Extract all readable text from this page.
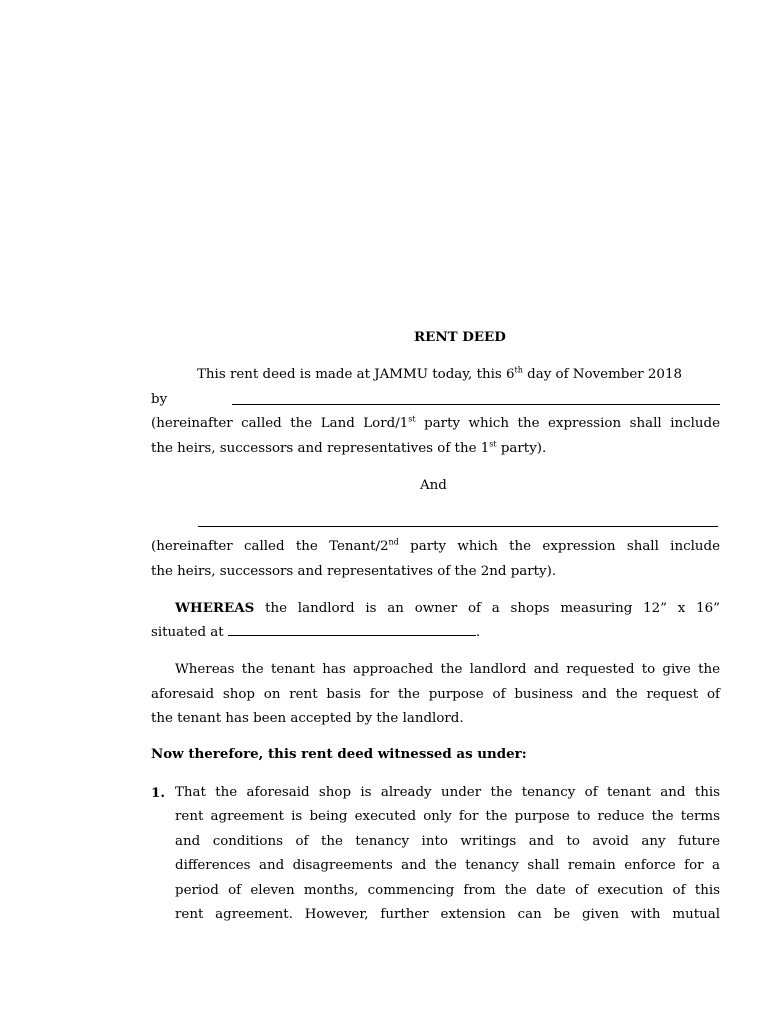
RENT DEED
This rent deed is made at JAMMU today, this 6th day of November 2018
by
(hereinafter called the Land Lord/1st party which the expression shall include
the heirs, successors and representatives of the 1st party).
And
(hereinafter called the Tenant/2nd party which the expression shall include
the heirs, successors and representatives of the 2nd party).
WHEREAS the landlord is an owner of a shops measuring 12” x 16”
situated at	.
Whereas the tenant has approached the landlord and requested to give the
aforesaid shop on rent basis for the purpose of business and the request of
the tenant has been accepted by the landlord.
Now therefore, this rent deed witnessed as under:
1. That the aforesaid shop is already under the tenancy of tenant and this
rent agreement is being executed only for the purpose to reduce the terms
and conditions of the tenancy into writings and to avoid any future
differences and disagreements and the tenancy shall remain enforce for a
period of eleven months, commencing from the date of execution of this
rent agreement. However, further extension can be given with mutual
